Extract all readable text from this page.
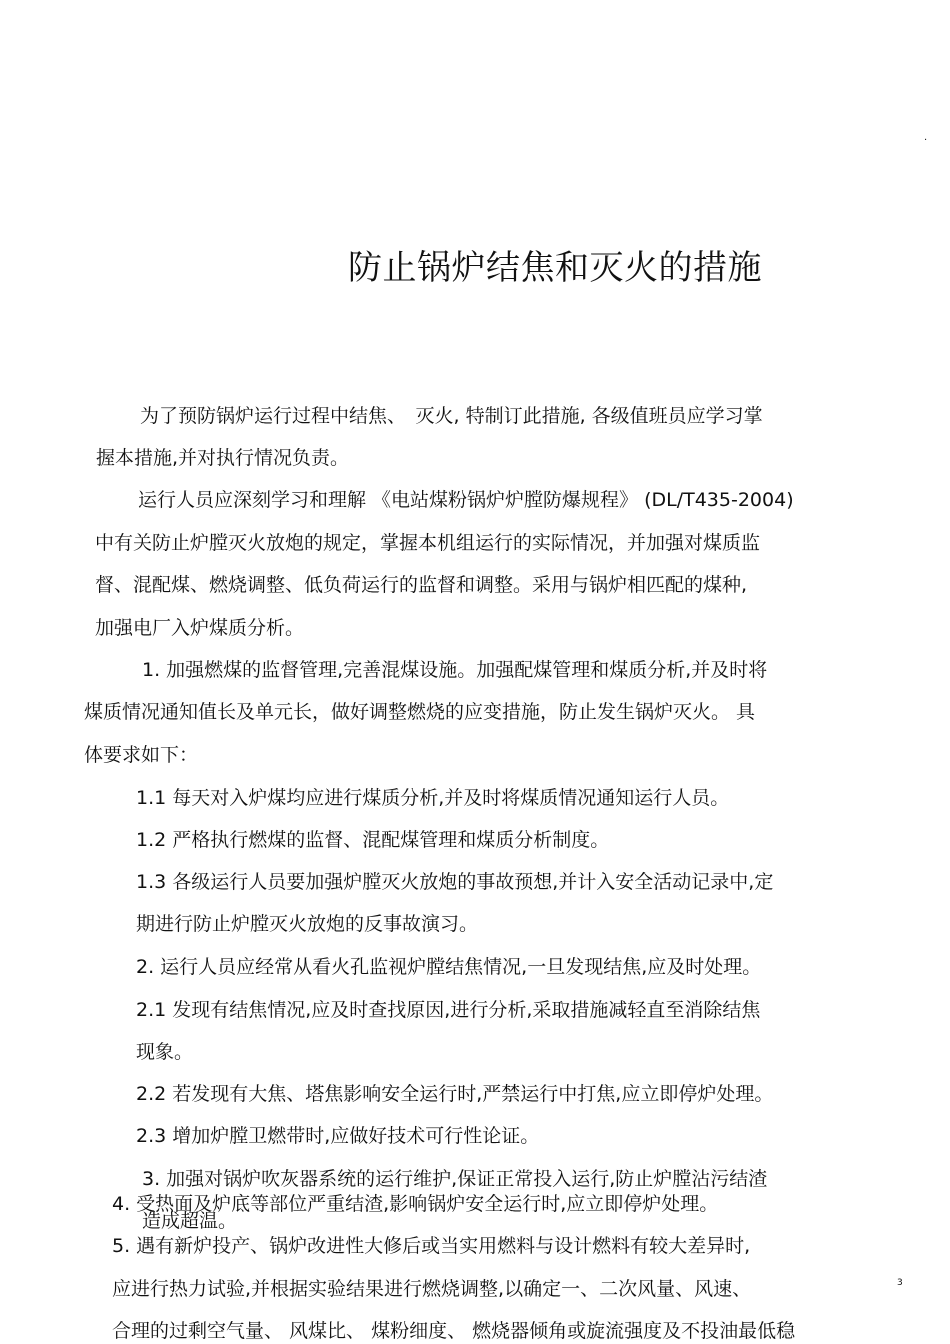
.
防止锅炉结焦和灭火的措施
为了预防锅炉运行过程中结焦、　灭火, 特制订此措施, 各级值班员应学习掌
握本措施,并对执行情况负责。
运行人员应深刻学习和理解 《电站煤粉锅炉炉膛防爆规程》 (DL/T435-2004)
中有关防止炉膛灭火放炮的规定，掌握本机组运行的实际情况，并加强对煤质监
督、混配煤、燃烧调整、低负荷运行的监督和调整。采用与锅炉相匹配的煤种,
加强电厂入炉煤质分析。
1. 加强燃煤的监督管理,完善混煤设施。加强配煤管理和煤质分析,并及时将
煤质情况通知值长及单元长，做好调整燃烧的应变措施，防止发生锅炉灭火。 具
体要求如下：
1.1 每天对入炉煤均应进行煤质分析,并及时将煤质情况通知运行人员。
1.2 严格执行燃煤的监督、混配煤管理和煤质分析制度。
1.3 各级运行人员要加强炉膛灭火放炮的事故预想,并计入安全活动记录中,定
期进行防止炉膛灭火放炮的反事故演习。
2. 运行人员应经常从看火孔监视炉膛结焦情况,一旦发现结焦,应及时处理。
2.1 发现有结焦情况,应及时查找原因,进行分析,采取措施减轻直至消除结焦
现象。
2.2 若发现有大焦、塔焦影响安全运行时,严禁运行中打焦,应立即停炉处理。
2.3 增加炉膛卫燃带时,应做好技术可行性论证。
3. 加强对锅炉吹灰器系统的运行维护,保证正常投入运行,防止炉膛沾污结渣
造成超温。
4. 受热面及炉底等部位严重结渣,影响锅炉安全运行时,应立即停炉处理。
5. 遇有新炉投产、锅炉改进性大修后或当实用燃料与设计燃料有较大差异时,
应进行热力试验,并根据实验结果进行燃烧调整,以确定一、二次风量、风速、
合理的过剩空气量、 风煤比、 煤粉细度、 燃烧器倾角或旋流强度及不投油最低稳
3
